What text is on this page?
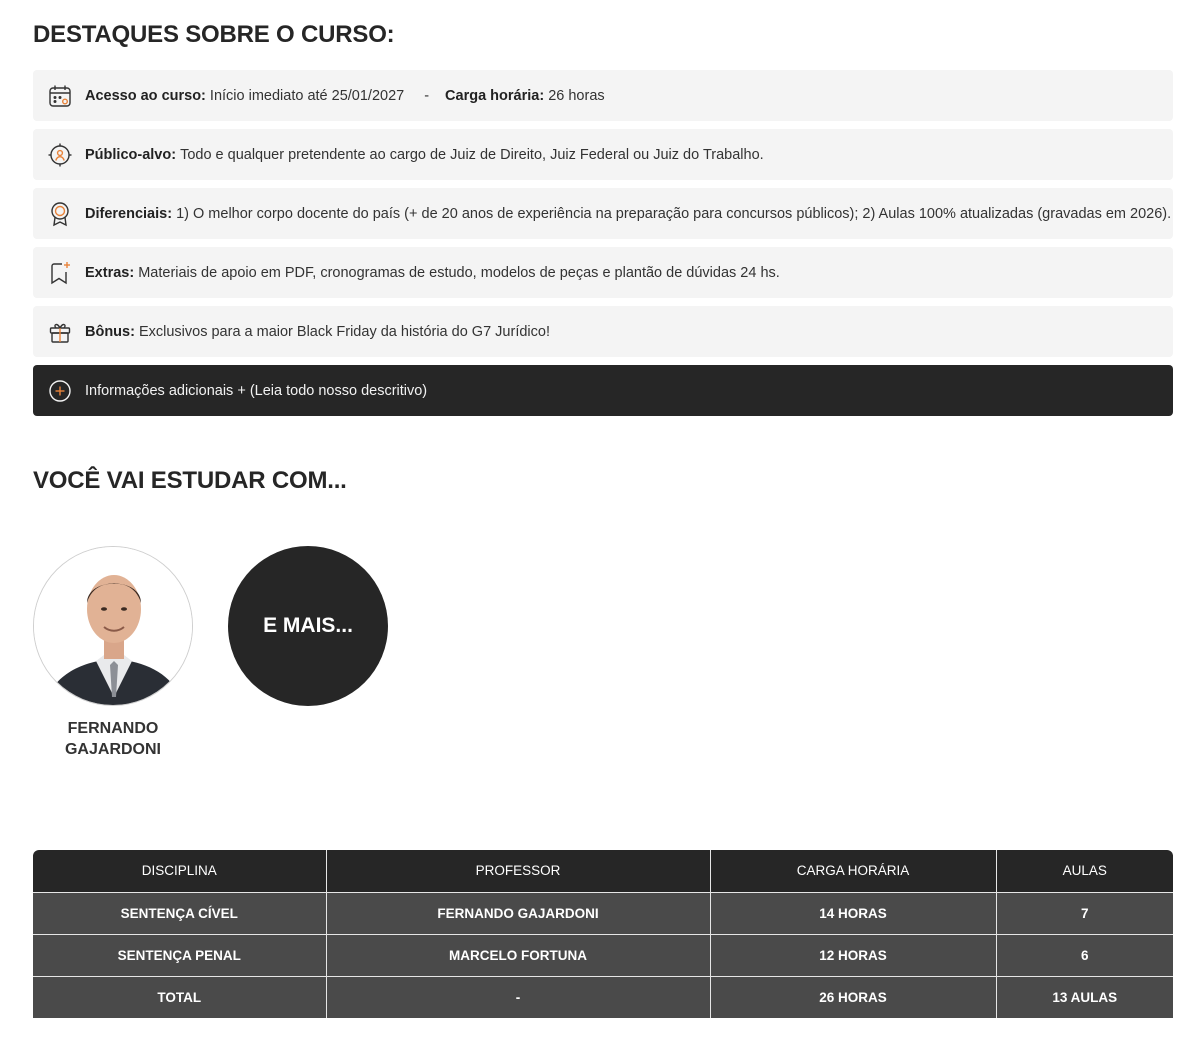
DESTAQUES SOBRE O CURSO:
Acesso ao curso:
Início imediato até 25/01/2027 - Carga horária:
26 horas
Público-alvo:
Todo e qualquer pretendente ao cargo de Juiz de Direito, Juiz Federal ou Juiz do Trabalho.
Diferenciais:
1) O melhor corpo docente do país (+ de 20 anos de experiência na preparação para concursos públicos); 2) Aulas 100% atualizadas (gravadas em 2026).
Extras:
Materiais de apoio em PDF, cronogramas de estudo, modelos de peças e plantão de dúvidas 24 hs.
Bônus:
Exclusivos para a maior Black Friday da história do G7 Jurídico!
Informações adicionais + (Leia todo nosso descritivo)
VOCÊ VAI ESTUDAR COM...
FERNANDO
GAJARDONI
E MAIS...
DISCIPLINA	PROFESSOR	CARGA HORÁRIA	AULAS
SENTENÇA CÍVEL	FERNANDO GAJARDONI	14 HORAS	7
SENTENÇA PENAL	MARCELO FORTUNA	12 HORAS	6
TOTAL	-	26 HORAS	13 AULAS
